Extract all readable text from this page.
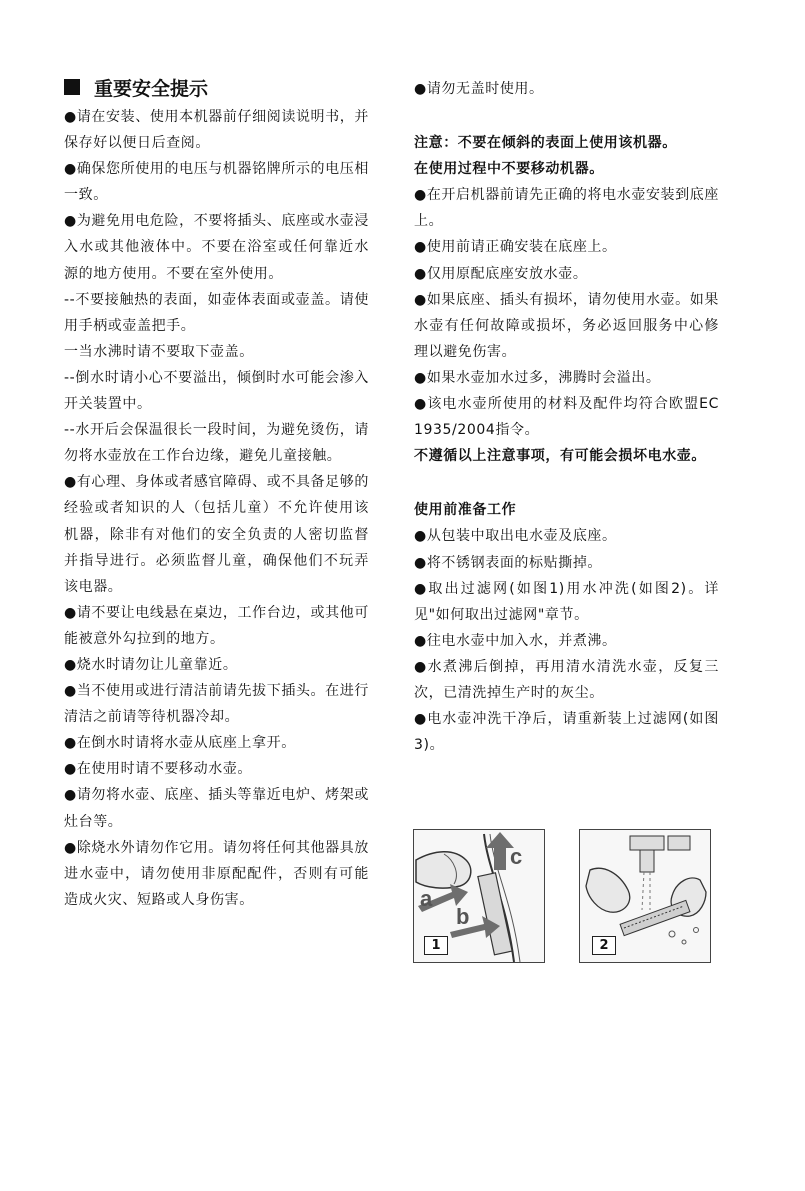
重要安全提示

●请在安装、使用本机器前仔细阅读说明书，并保存好以便日后查阅。

●确保您所使用的电压与机器铭牌所示的电压相一致。

●为避免用电危险，不要将插头、底座或水壶浸入水或其他液体中。不要在浴室或任何靠近水源的地方使用。不要在室外使用。

--不要接触热的表面，如壶体表面或壶盖。请使用手柄或壶盖把手。

一当水沸时请不要取下壶盖。

--倒水时请小心不要溢出，倾倒时水可能会渗入开关装置中。

--水开后会保温很长一段时间，为避免烫伤，请勿将水壶放在工作台边缘，避免儿童接触。

●有心理、身体或者感官障碍、或不具备足够的经验或者知识的人（包括儿童）不允许使用该机器，除非有对他们的安全负责的人密切监督并指导进行。必须监督儿童，确保他们不玩弄该电器。

●请不要让电线悬在桌边，工作台边，或其他可能被意外勾拉到的地方。

●烧水时请勿让儿童靠近。

●当不使用或进行清洁前请先拔下插头。在进行清洁之前请等待机器冷却。

●在倒水时请将水壶从底座上拿开。

●在使用时请不要移动水壶。

●请勿将水壶、底座、插头等靠近电炉、烤架或灶台等。

●除烧水外请勿作它用。请勿将任何其他器具放进水壶中，请勿使用非原配配件，否则有可能造成火灾、短路或人身伤害。

●请勿无盖时使用。

注意：不要在倾斜的表面上使用该机器。

在使用过程中不要移动机器。

●在开启机器前请先正确的将电水壶安装到底座上。

●使用前请正确安装在底座上。

●仅用原配底座安放水壶。

●如果底座、插头有损坏，请勿使用水壶。如果水壶有任何故障或损坏，务必返回服务中心修理以避免伤害。

●如果水壶加水过多，沸腾时会溢出。

●该电水壶所使用的材料及配件均符合欧盟EC 1935/2004指令。

不遵循以上注意事项，有可能会损坏电水壶。

使用前准备工作

●从包装中取出电水壶及底座。

●将不锈钢表面的标贴撕掉。

●取出过滤网(如图1)用水冲洗(如图2)。详见"如何取出过滤网"章节。

●往电水壶中加入水，并煮沸。

●水煮沸后倒掉，再用清水清洗水壶，反复三次，已清洗掉生产时的灰尘。

●电水壶冲洗干净后，请重新装上过滤网(如图3)。

a
b
c
1	2
